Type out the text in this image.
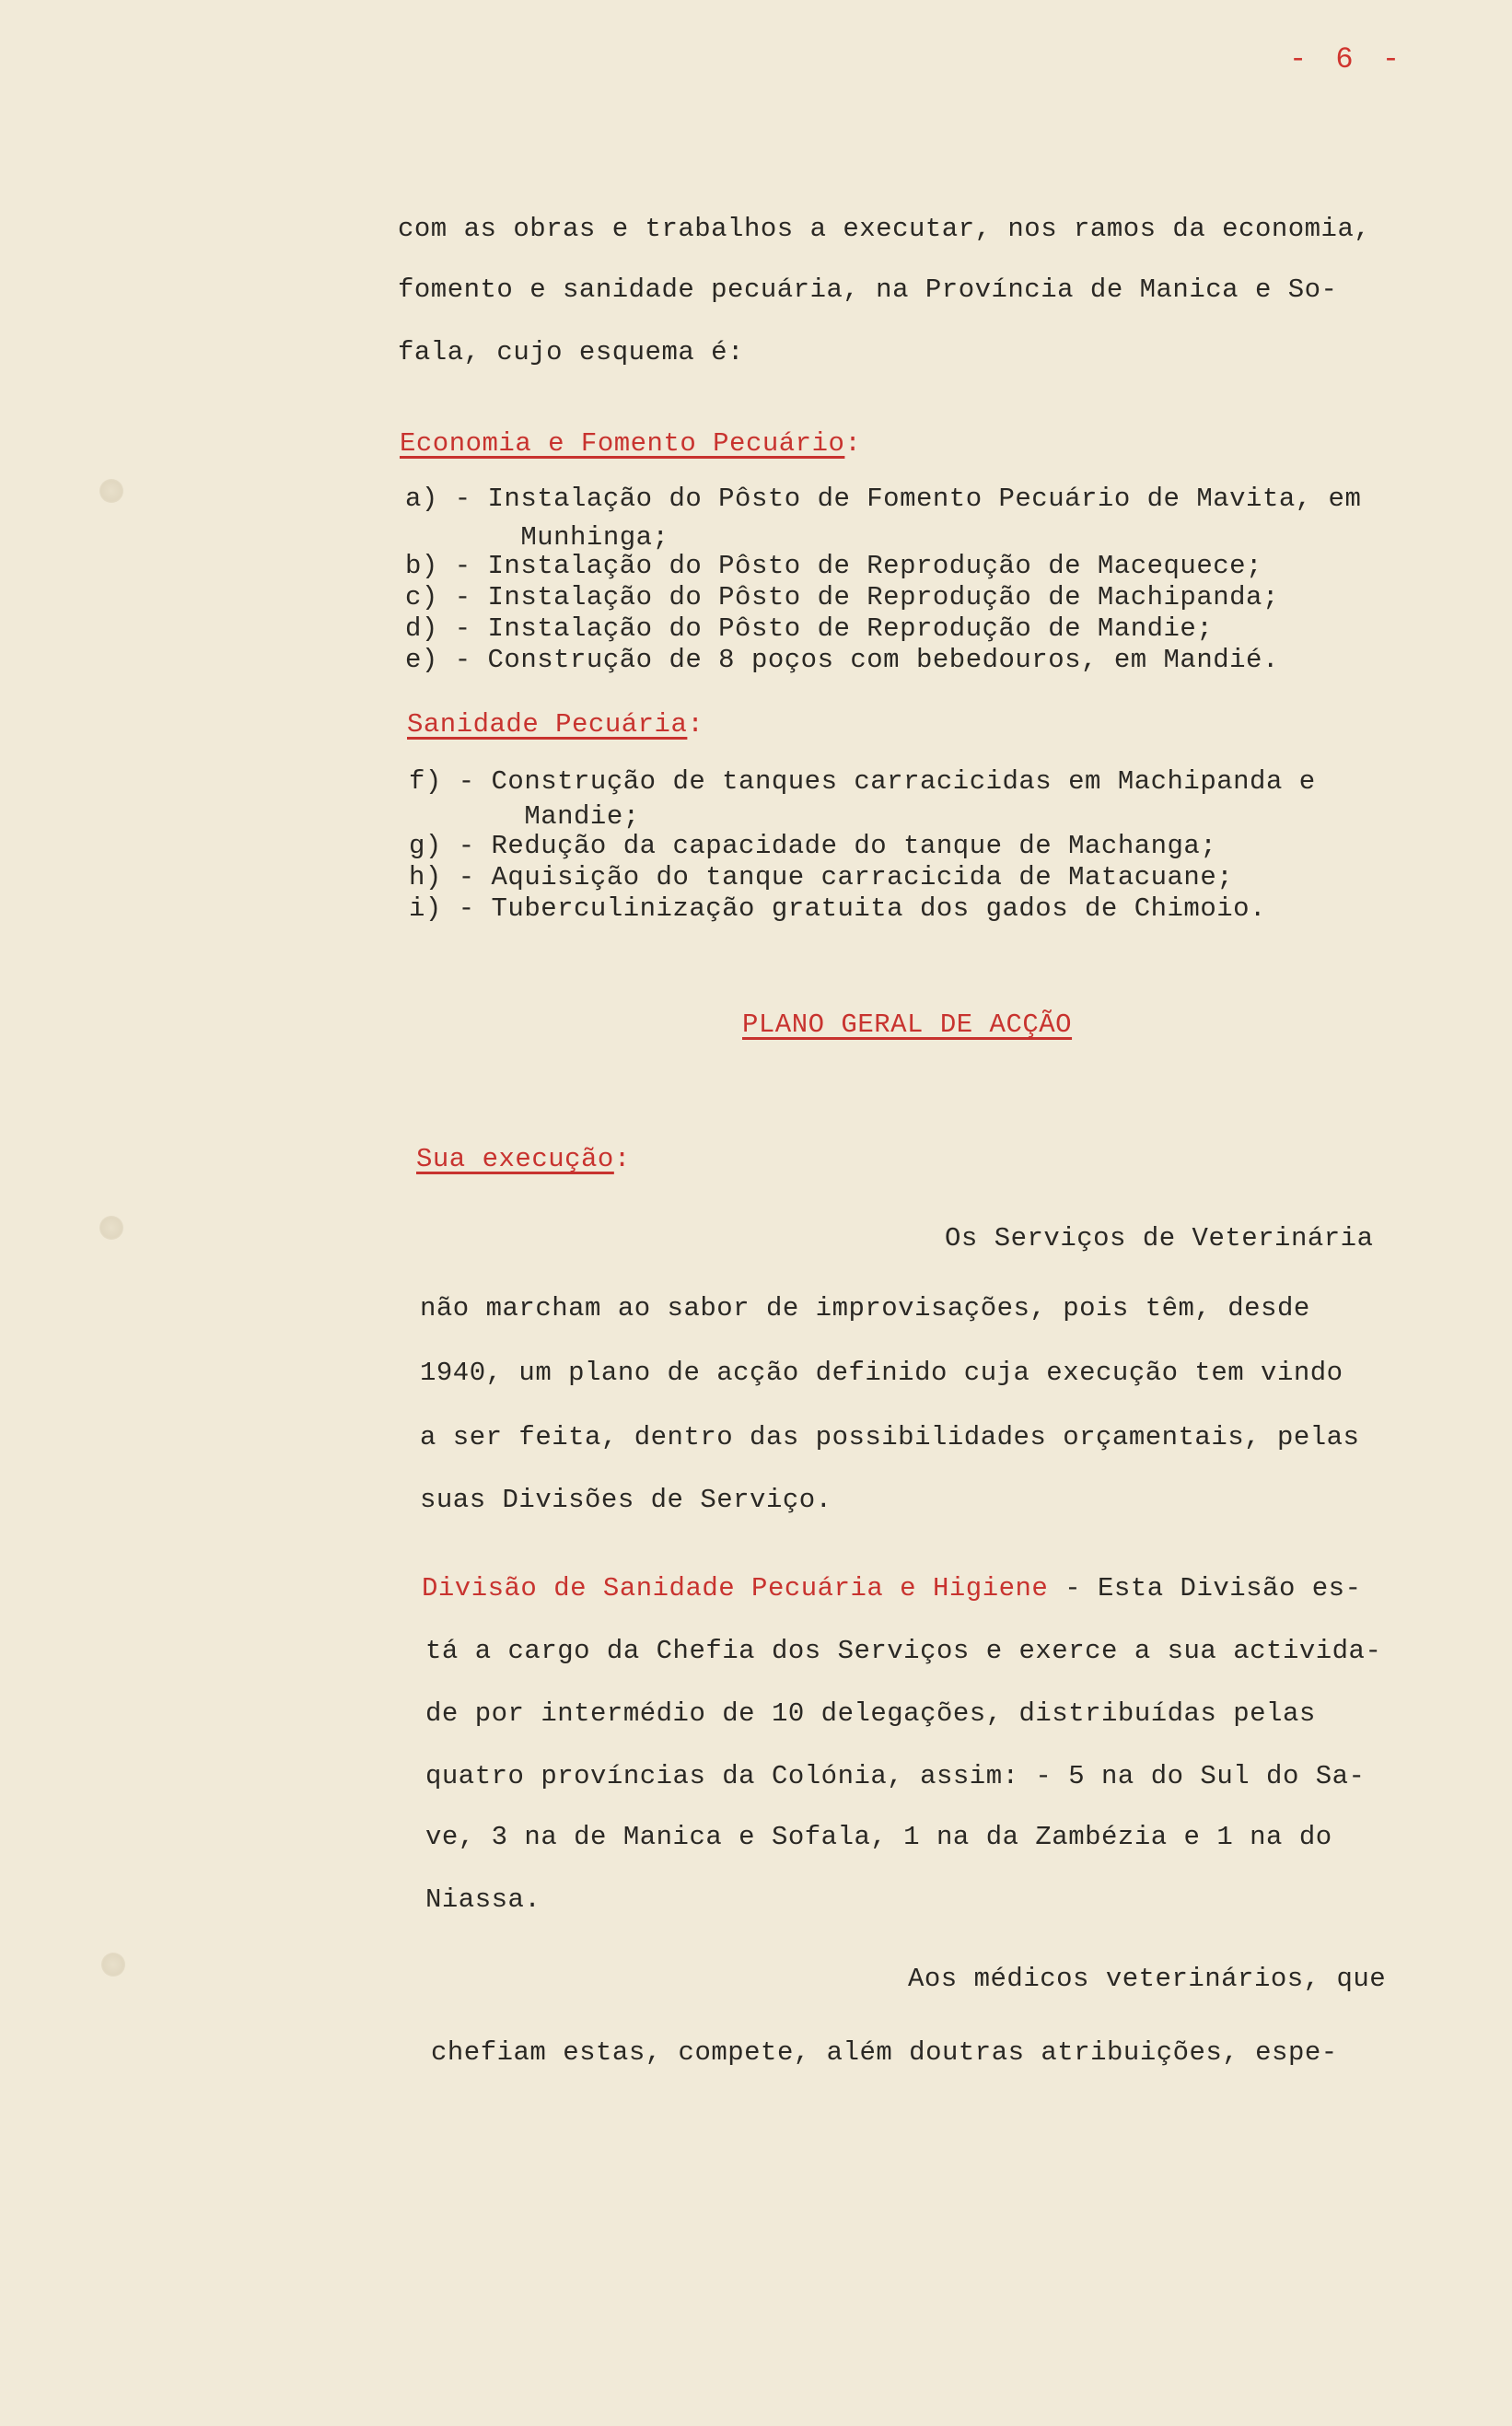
- 6 -
com as obras e trabalhos a executar, nos ramos da economia,
fomento e sanidade pecuária, na Província de Manica e So-
fala, cujo esquema é:
Economia e Fomento Pecuário:
a) - Instalação do Pôsto de Fomento Pecuário de Mavita, em
Munhinga;
b) - Instalação do Pôsto de Reprodução de Macequece;
c) - Instalação do Pôsto de Reprodução de Machipanda;
d) - Instalação do Pôsto de Reprodução de Mandie;
e) - Construção de 8 poços com bebedouros, em Mandié.
Sanidade Pecuária:
f) - Construção de tanques carracicidas em Machipanda e
Mandie;
g) - Redução da capacidade do tanque de Machanga;
h) - Aquisição do tanque carracicida de Matacuane;
i) - Tuberculinização gratuita dos gados de Chimoio.
PLANO GERAL DE ACÇÃO
Sua execução:
Os Serviços de Veterinária
não marcham ao sabor de improvisações, pois têm, desde
1940, um plano de acção definido cuja execução tem vindo
a ser feita, dentro das possibilidades orçamentais, pelas
suas Divisões de Serviço.
Divisão de Sanidade Pecuária e Higiene - Esta Divisão es-
tá a cargo da Chefia dos Serviços e exerce a sua activida-
de por intermédio de 10 delegações, distribuídas pelas
quatro províncias da Colónia, assim: - 5 na do Sul do Sa-
ve, 3 na de Manica e Sofala, 1 na da Zambézia e 1 na do
Niassa.
Aos médicos veterinários, que
chefiam estas, compete, além doutras atribuições, espe-
